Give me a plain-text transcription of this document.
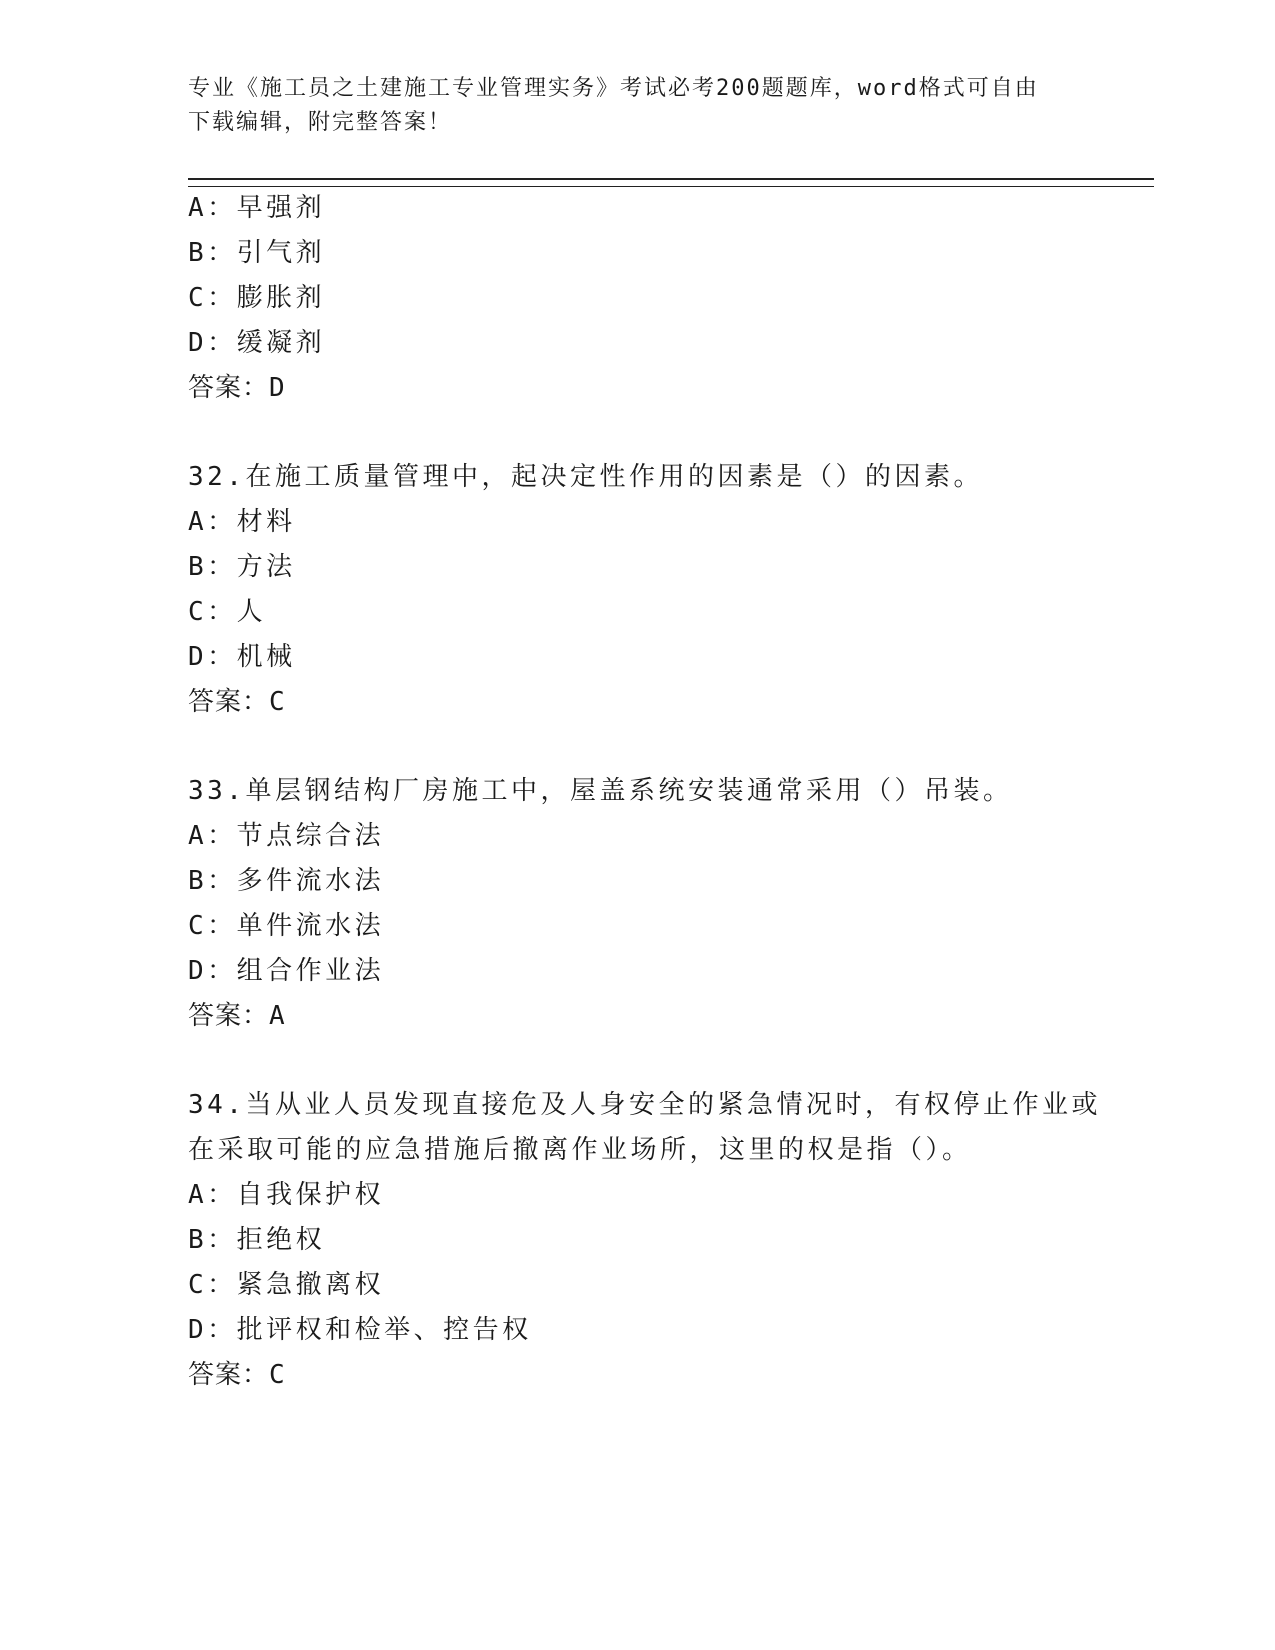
专业《施工员之土建施工专业管理实务》考试必考200题题库，word格式可自由

下载编辑，附完整答案！

A：早强剂
B：引气剂
C：膨胀剂
D：缓凝剂
答案：D
32.在施工质量管理中，起决定性作用的因素是（）的因素。
A：材料
B：方法
C：人
D：机械
答案：C
33.单层钢结构厂房施工中，屋盖系统安装通常采用（）吊装。
A：节点综合法
B：多件流水法
C：单件流水法
D：组合作业法
答案：A
34.当从业人员发现直接危及人身安全的紧急情况时，有权停止作业或
在采取可能的应急措施后撤离作业场所，这里的权是指（）。
A：自我保护权
B：拒绝权
C：紧急撤离权
D：批评权和检举、控告权
答案：C
